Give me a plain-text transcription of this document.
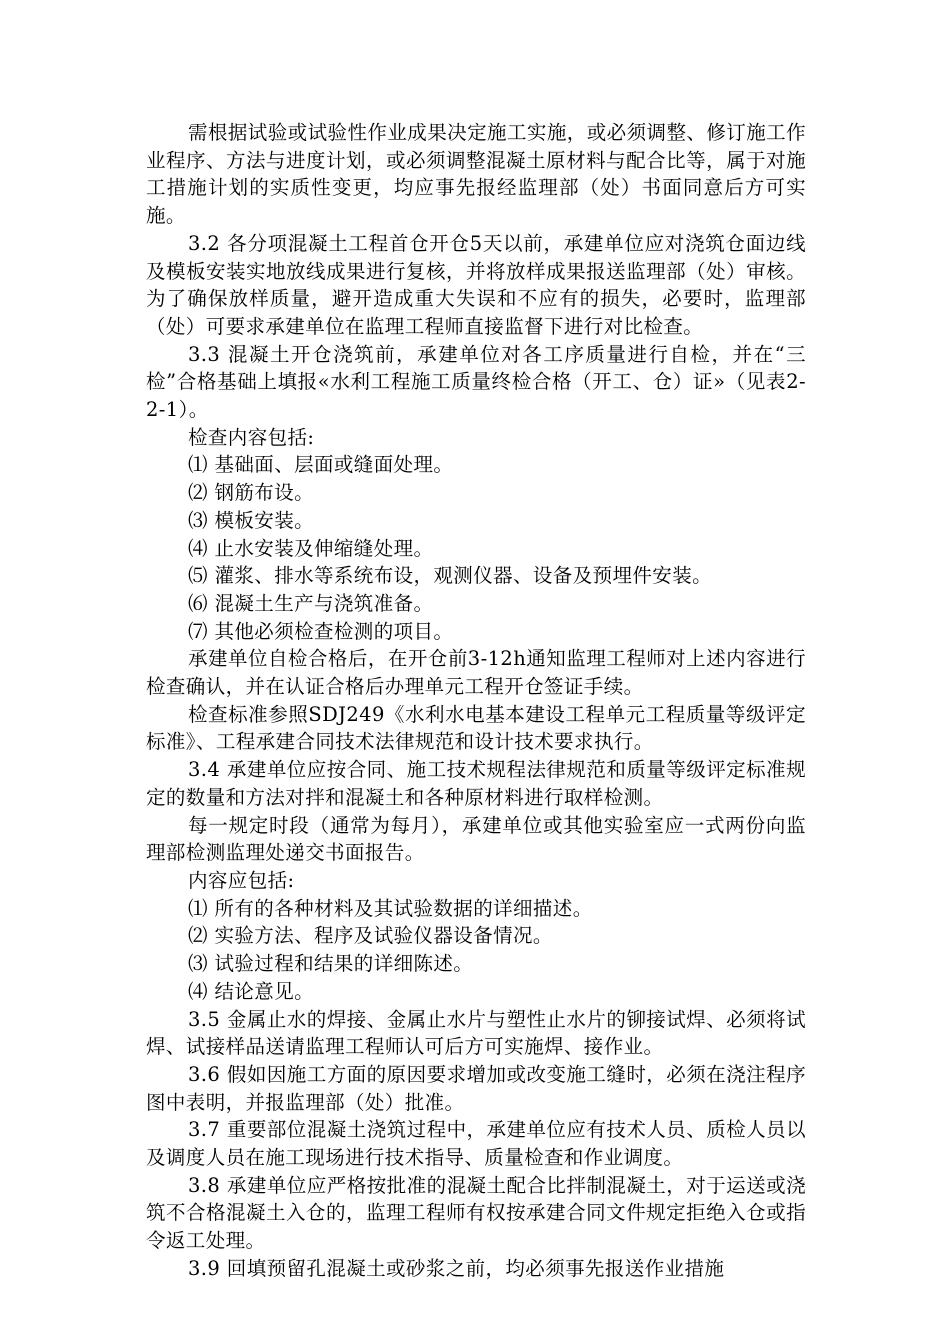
需根据试验或试验性作业成果决定施工实施，或必须调整、修订施工作业程序、方法与进度计划，或必须调整混凝土原材料与配合比等，属于对施工措施计划的实质性变更，均应事先报经监理部（处）书面同意后方可实施。

3.2 各分项混凝土工程首仓开仓5天以前，承建单位应对浇筑仓面边线及模板安装实地放线成果进行复核，并将放样成果报送监理部（处）审核。为了确保放样质量，避开造成重大失误和不应有的损失，必要时，监理部（处）可要求承建单位在监理工程师直接监督下进行对比检查。

3.3 混凝土开仓浇筑前，承建单位对各工序质量进行自检，并在“三检”合格基础上填报«水利工程施工质量终检合格（开工、仓）证»（见表2-2-1）。

检查内容包括:

⑴ 基础面、层面或缝面处理。

⑵ 钢筋布设。

⑶ 模板安装。

⑷ 止水安装及伸缩缝处理。

⑸ 灌浆、排水等系统布设，观测仪器、设备及预埋件安装。

⑹ 混凝土生产与浇筑准备。

⑺ 其他必须检查检测的项目。

承建单位自检合格后，在开仓前3-12h通知监理工程师对上述内容进行检查确认，并在认证合格后办理单元工程开仓签证手续。

检查标准参照SDJ249《水利水电基本建设工程单元工程质量等级评定标准》、工程承建合同技术法律规范和设计技术要求执行。

3.4 承建单位应按合同、施工技术规程法律规范和质量等级评定标准规定的数量和方法对拌和混凝土和各种原材料进行取样检测。

每一规定时段（通常为每月），承建单位或其他实验室应一式两份向监理部检测监理处递交书面报告。

内容应包括:

⑴ 所有的各种材料及其试验数据的详细描述。

⑵ 实验方法、程序及试验仪器设备情况。

⑶ 试验过程和结果的详细陈述。

⑷ 结论意见。

3.5 金属止水的焊接、金属止水片与塑性止水片的铆接试焊、必须将试焊、试接样品送请监理工程师认可后方可实施焊、接作业。

3.6 假如因施工方面的原因要求增加或改变施工缝时，必须在浇注程序图中表明，并报监理部（处）批准。

3.7 重要部位混凝土浇筑过程中，承建单位应有技术人员、质检人员以及调度人员在施工现场进行技术指导、质量检查和作业调度。

3.8 承建单位应严格按批准的混凝土配合比拌制混凝土，对于运送或浇筑不合格混凝土入仓的，监理工程师有权按承建合同文件规定拒绝入仓或指令返工处理。

3.9 回填预留孔混凝土或砂浆之前，均必须事先报送作业措施
